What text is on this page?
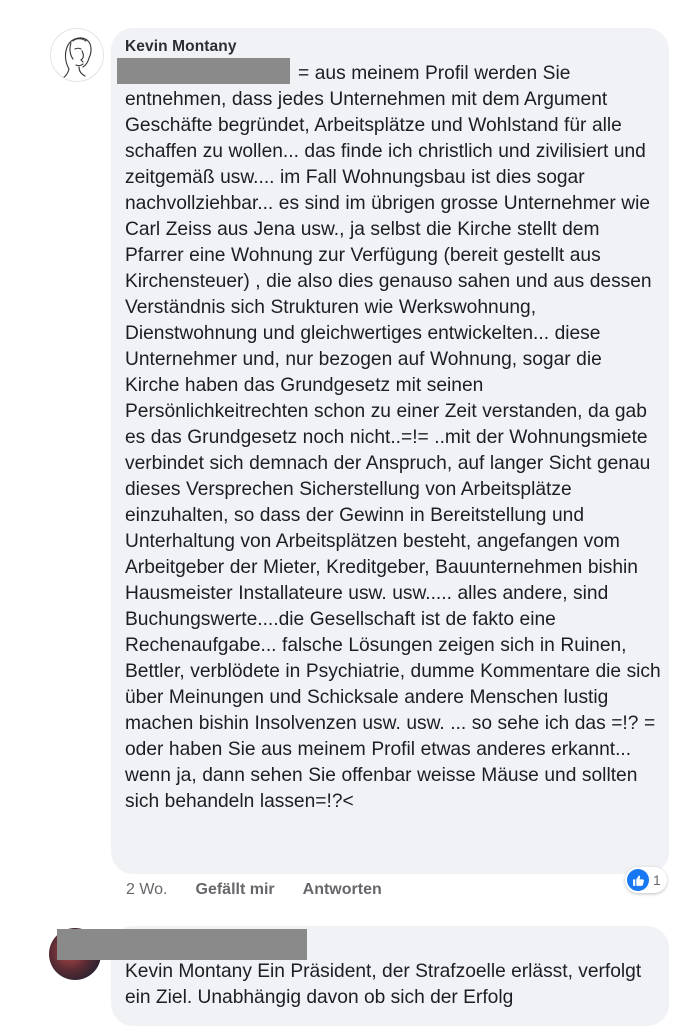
Kevin Montany

= aus meinem Profil werden Sie entnehmen, dass jedes Unternehmen mit dem Argument Geschäfte begründet, Arbeitsplätze und Wohlstand für alle schaffen zu wollen... das finde ich christlich und zivilisiert und zeitgemäß usw.... im Fall Wohnungsbau ist dies sogar nachvollziehbar... es sind im übrigen grosse Unternehmer wie Carl Zeiss aus Jena usw., ja selbst die Kirche stellt dem Pfarrer eine Wohnung zur Verfügung (bereit gestellt aus Kirchensteuer) , die also dies genauso sahen und aus dessen Verständnis sich Strukturen wie Werkswohnung, Dienstwohnung und gleichwertiges entwickelten... diese Unternehmer und, nur bezogen auf Wohnung, sogar die Kirche haben das Grundgesetz mit seinen Persönlichkeitrechten schon zu einer Zeit verstanden, da gab es das Grundgesetz noch nicht..=!= ..mit der Wohnungsmiete verbindet sich demnach der Anspruch, auf langer Sicht genau dieses Versprechen Sicherstellung von Arbeitsplätze einzuhalten, so dass der Gewinn in Bereitstellung und Unterhaltung von Arbeitsplätzen besteht, angefangen vom Arbeitgeber der Mieter, Kreditgeber, Bauunternehmen bishin Hausmeister Installateure usw. usw..... alles andere, sind Buchungswerte....die Gesellschaft ist de fakto eine Rechenaufgabe... falsche Lösungen zeigen sich in Ruinen, Bettler, verblödete in Psychiatrie, dumme Kommentare die sich über Meinungen und Schicksale andere Menschen lustig machen bishin Insolvenzen usw. usw. ... so sehe ich das =!? = oder haben Sie aus meinem Profil etwas anderes erkannt... wenn ja, dann sehen Sie offenbar weisse Mäuse und sollten sich behandeln lassen=!?<

2 Wo. Gefällt mir Antworten
1

Kevin Montany Ein Präsident, der Strafzoelle erlässt, verfolgt ein Ziel. Unabhängig davon ob sich der Erfolg
